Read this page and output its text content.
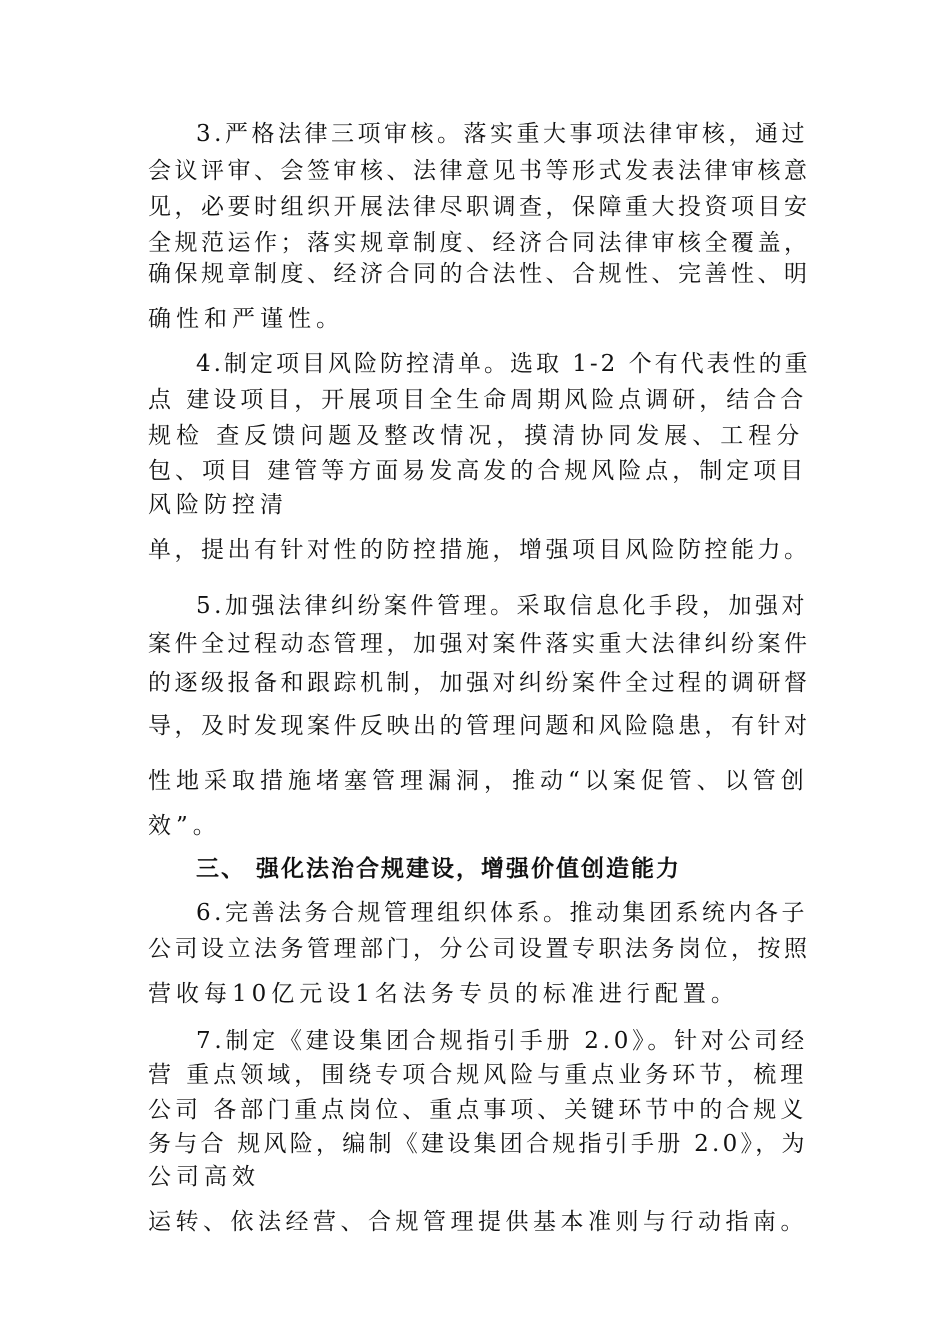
3.严格法律三项审核。落实重大事项法律审核，通过
会议评审、会签审核、法律意见书等形式发表法律审核意
见，必要时组织开展法律尽职调查，保障重大投资项目安
全规范运作；落实规章制度、经济合同法律审核全覆盖，
确保规章制度、经济合同的合法性、合规性、完善性、明
确性和严谨性。
4.制定项目风险防控清单。选取 1-2 个有代表性的重
点 建设项目，开展项目全生命周期风险点调研，结合合
规检 查反馈问题及整改情况，摸清协同发展、工程分
包、项目 建管等方面易发高发的合规风险点，制定项目
风险防控清
单，提出有针对性的防控措施，增强项目风险防控能力。
5.加强法律纠纷案件管理。采取信息化手段，加强对
案件全过程动态管理，加强对案件落实重大法律纠纷案件
的逐级报备和跟踪机制，加强对纠纷案件全过程的调研督
导，及时发现案件反映出的管理问题和风险隐患，有针对
性地采取措施堵塞管理漏洞，推动“以案促管、以管创
效”。
三、 强化法治合规建设，增强价值创造能力
6.完善法务合规管理组织体系。推动集团系统内各子
公司设立法务管理部门，分公司设置专职法务岗位，按照
营收每10亿元设1名法务专员的标准进行配置。
7.制定《建设集团合规指引手册 2.0》。针对公司经
营 重点领域，围绕专项合规风险与重点业务环节，梳理
公司 各部门重点岗位、重点事项、关键环节中的合规义
务与合 规风险，编制《建设集团合规指引手册 2.0》，为
公司高效
运转、依法经营、合规管理提供基本准则与行动指南。
